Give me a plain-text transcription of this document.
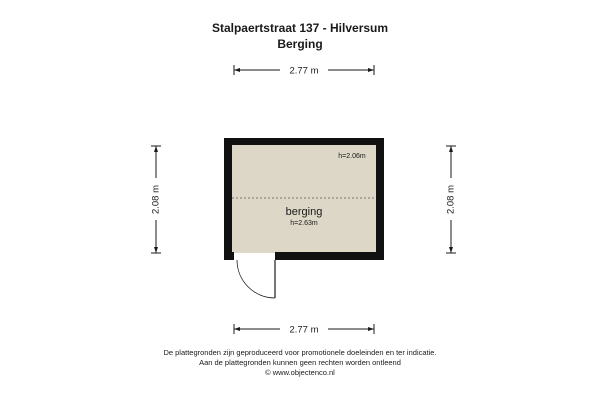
Stalpaertstraat 137 - Hilversum
Berging
2.77 m
2.77 m
2.08 m	2.08 m
berging
h=2.63m
h=2.06m
De plattegronden zijn geproduceerd voor promotionele doeleinden en ter indicatie.
Aan de plattegronden kunnen geen rechten worden ontleend
© www.objectenco.nl
